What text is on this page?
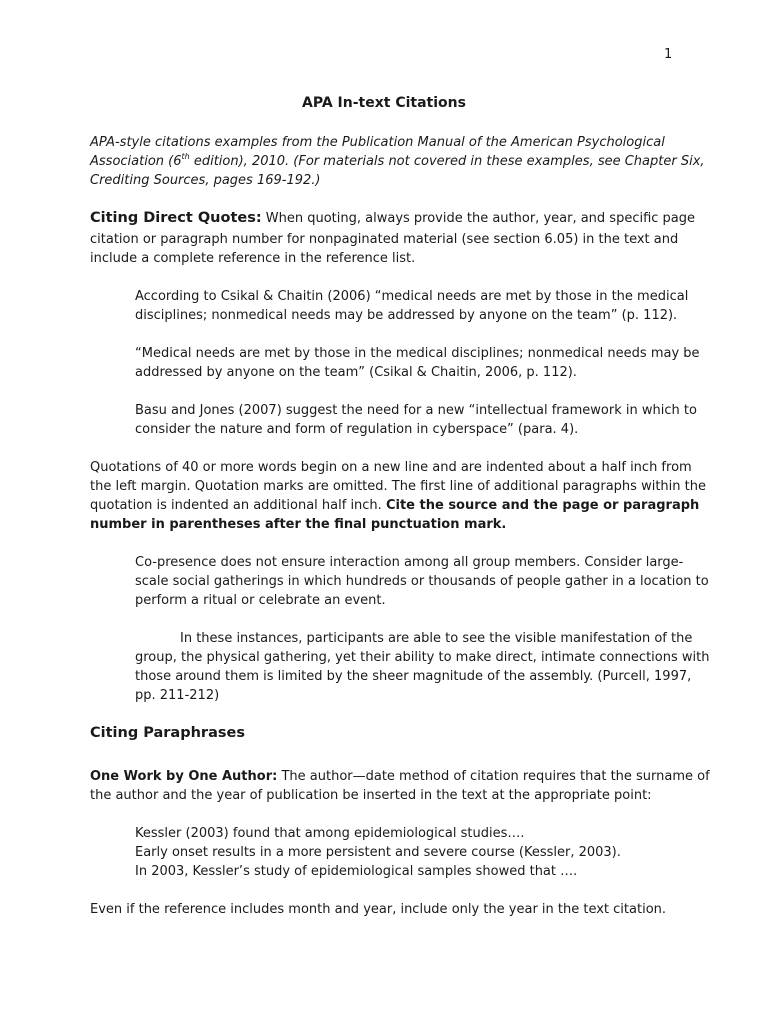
1
APA In-text Citations
APA-style citations examples from the Publication Manual of the American Psychological
Association (6th edition), 2010. (For materials not covered in these examples, see Chapter Six,
Crediting Sources, pages 169-192.)
Citing Direct Quotes: When quoting, always provide the author, year, and specific page
citation or paragraph number for nonpaginated material (see section 6.05) in the text and
include a complete reference in the reference list.
According to Csikal & Chaitin (2006) “medical needs are met by those in the medical
disciplines; nonmedical needs may be addressed by anyone on the team” (p. 112).
“Medical needs are met by those in the medical disciplines; nonmedical needs may be
addressed by anyone on the team” (Csikal & Chaitin, 2006, p. 112).
Basu and Jones (2007) suggest the need for a new “intellectual framework in which to
consider the nature and form of regulation in cyberspace” (para. 4).
Quotations of 40 or more words begin on a new line and are indented about a half inch from
the left margin. Quotation marks are omitted. The first line of additional paragraphs within the
quotation is indented an additional half inch. Cite the source and the page or paragraph
number in parentheses after the final punctuation mark.
Co-presence does not ensure interaction among all group members. Consider large-
scale social gatherings in which hundreds or thousands of people gather in a location to
perform a ritual or celebrate an event.
In these instances, participants are able to see the visible manifestation of the
group, the physical gathering, yet their ability to make direct, intimate connections with
those around them is limited by the sheer magnitude of the assembly. (Purcell, 1997,
pp. 211-212)
Citing Paraphrases
One Work by One Author: The author—date method of citation requires that the surname of
the author and the year of publication be inserted in the text at the appropriate point:
Kessler (2003) found that among epidemiological studies….
Early onset results in a more persistent and severe course (Kessler, 2003).
In 2003, Kessler’s study of epidemiological samples showed that ….
Even if the reference includes month and year, include only the year in the text citation.
